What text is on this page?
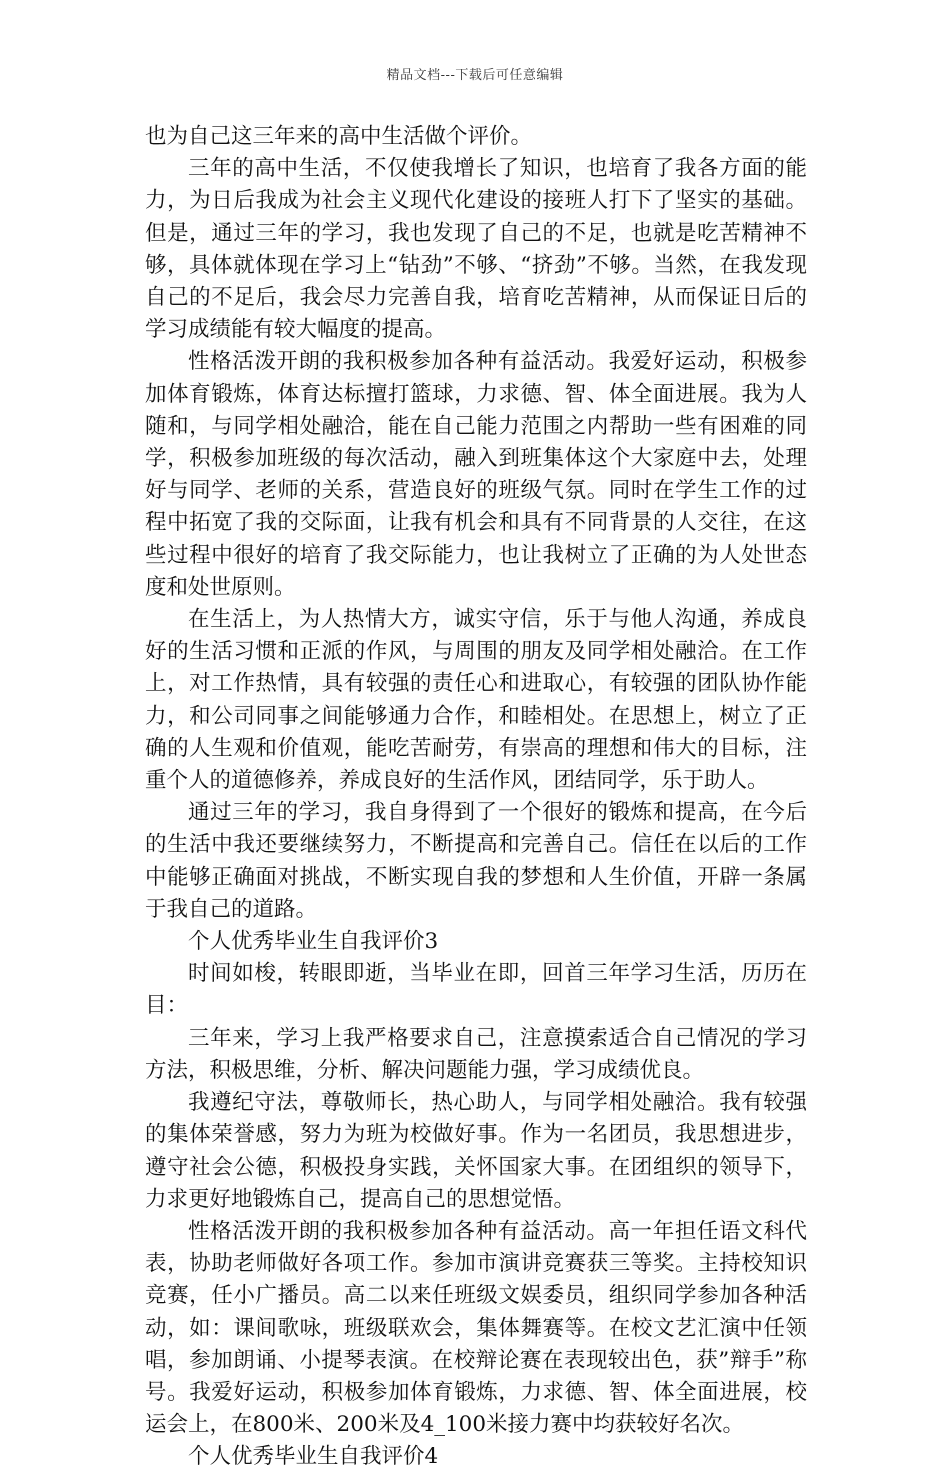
精品文档---下载后可任意编辑

也为自己这三年来的高中生活做个评价。

三年的高中生活，不仅使我增长了知识，也培育了我各方面的能力，为日后我成为社会主义现代化建设的接班人打下了坚实的基础。但是，通过三年的学习，我也发现了自己的不足，也就是吃苦精神不够，具体就体现在学习上“钻劲”不够、“挤劲”不够。当然，在我发现自己的不足后，我会尽力完善自我，培育吃苦精神，从而保证日后的学习成绩能有较大幅度的提高。

性格活泼开朗的我积极参加各种有益活动。我爱好运动，积极参加体育锻炼，体育达标擅打篮球，力求德、智、体全面进展。我为人随和，与同学相处融洽，能在自己能力范围之内帮助一些有困难的同学，积极参加班级的每次活动，融入到班集体这个大家庭中去，处理好与同学、老师的关系，营造良好的班级气氛。同时在学生工作的过程中拓宽了我的交际面，让我有机会和具有不同背景的人交往，在这些过程中很好的培育了我交际能力，也让我树立了正确的为人处世态度和处世原则。

在生活上，为人热情大方，诚实守信，乐于与他人沟通，养成良好的生活习惯和正派的作风，与周围的朋友及同学相处融洽。在工作上，对工作热情，具有较强的责任心和进取心，有较强的团队协作能力，和公司同事之间能够通力合作，和睦相处。在思想上，树立了正确的人生观和价值观，能吃苦耐劳，有崇高的理想和伟大的目标，注重个人的道德修养，养成良好的生活作风，团结同学，乐于助人。

通过三年的学习，我自身得到了一个很好的锻炼和提高，在今后的生活中我还要继续努力，不断提高和完善自己。信任在以后的工作中能够正确面对挑战，不断实现自我的梦想和人生价值，开辟一条属于我自己的道路。

个人优秀毕业生自我评价3

时间如梭，转眼即逝，当毕业在即，回首三年学习生活，历历在目：

三年来，学习上我严格要求自己，注意摸索适合自己情况的学习方法，积极思维，分析、解决问题能力强，学习成绩优良。

我遵纪守法，尊敬师长，热心助人，与同学相处融洽。我有较强的集体荣誉感，努力为班为校做好事。作为一名团员，我思想进步，遵守社会公德，积极投身实践，关怀国家大事。在团组织的领导下，力求更好地锻炼自己，提高自己的思想觉悟。

性格活泼开朗的我积极参加各种有益活动。高一年担任语文科代表，协助老师做好各项工作。参加市演讲竞赛获三等奖。主持校知识竞赛，任小广播员。高二以来任班级文娱委员，组织同学参加各种活动，如：课间歌咏，班级联欢会，集体舞赛等。在校文艺汇演中任领唱，参加朗诵、小提琴表演。在校辩论赛在表现较出色，获”辩手”称号。我爱好运动，积极参加体育锻炼，力求德、智、体全面进展，校运会上，在800米、200米及4_100米接力赛中均获较好名次。

个人优秀毕业生自我评价4
